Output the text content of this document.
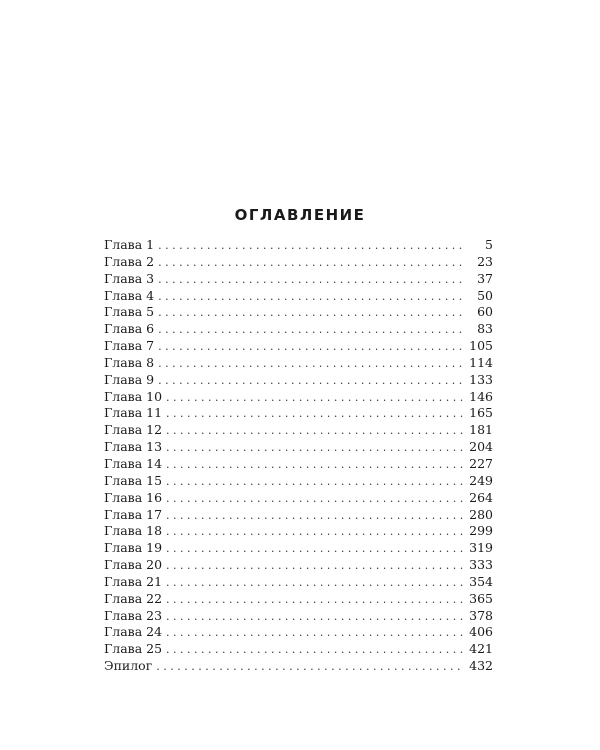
ОГЛАВЛЕНИЕ
Глава 1 . . .	5
Глава 2 . . .	23
Глава 3 . . .	37
Глава 4 . . .	50
Глава 5 . . .	60
Глава 6 . . .	83
Глава 7 . . .	105
Глава 8 . . .	114
Глава 9 . . .	133
Глава 10 . . .	146
Глава 11 . . .	165
Глава 12 . . .	181
Глава 13 . . .	204
Глава 14 . . .	227
Глава 15 . . .	249
Глава 16 . . .	264
Глава 17 . . .	280
Глава 18 . . .	299
Глава 19 . . .	319
Глава 20 . . .	333
Глава 21 . . .	354
Глава 22 . . .	365
Глава 23 . . .	378
Глава 24 . . .	406
Глава 25 . . .	421
Эпилог . . .	432
